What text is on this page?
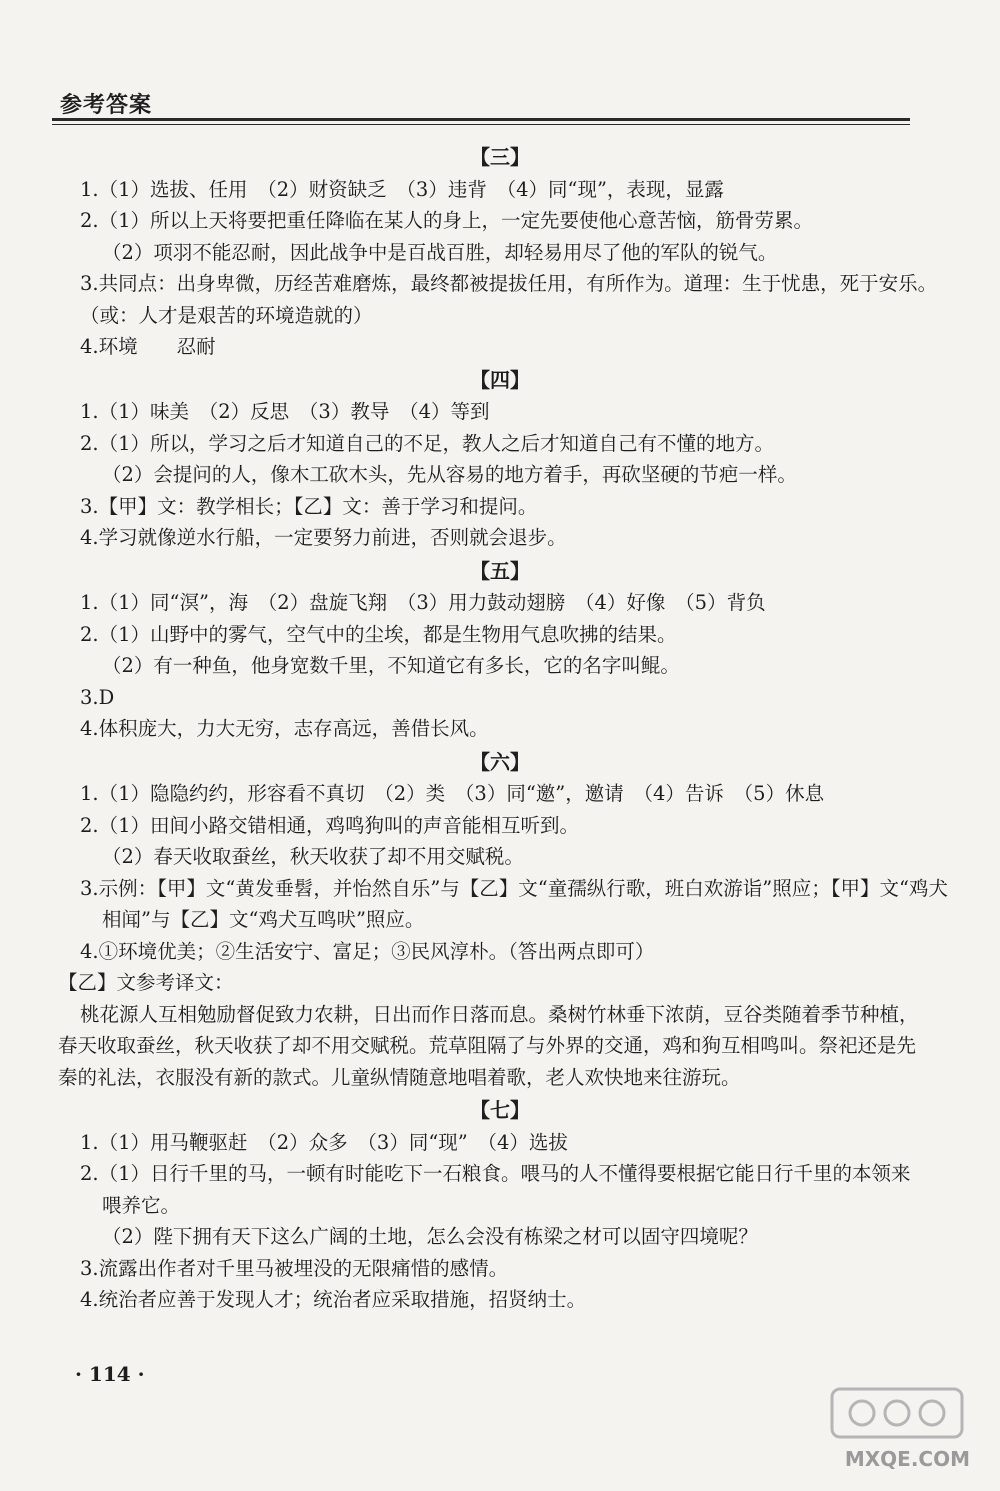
参考答案
【三】
1.（1）选拔、任用　（2）财资缺乏　（3）违背　（4）同“现”，表现，显露
2.（1）所以上天将要把重任降临在某人的身上，一定先要使他心意苦恼，筋骨劳累。
（2）项羽不能忍耐，因此战争中是百战百胜，却轻易用尽了他的军队的锐气。
3.共同点：出身卑微，历经苦难磨炼，最终都被提拔任用，有所作为。道理：生于忧患，死于安乐。
（或：人才是艰苦的环境造就的）
4.环境　　忍耐
【四】
1.（1）味美　（2）反思　（3）教导　（4）等到
2.（1）所以，学习之后才知道自己的不足，教人之后才知道自己有不懂的地方。
（2）会提问的人，像木工砍木头，先从容易的地方着手，再砍坚硬的节疤一样。
3.【甲】文：教学相长；【乙】文：善于学习和提问。
4.学习就像逆水行船，一定要努力前进，否则就会退步。
【五】
1.（1）同“溟”，海　（2）盘旋飞翔　（3）用力鼓动翅膀　（4）好像　（5）背负
2.（1）山野中的雾气，空气中的尘埃，都是生物用气息吹拂的结果。
（2）有一种鱼，他身宽数千里，不知道它有多长，它的名字叫鲲。
3.D
4.体积庞大，力大无穷，志存高远，善借长风。
【六】
1.（1）隐隐约约，形容看不真切　（2）类　（3）同“邀”，邀请　（4）告诉　（5）休息
2.（1）田间小路交错相通，鸡鸣狗叫的声音能相互听到。
（2）春天收取蚕丝，秋天收获了却不用交赋税。
3.示例：【甲】文“黄发垂髫，并怡然自乐”与【乙】文“童孺纵行歌，班白欢游诣”照应；【甲】文“鸡犬
相闻”与【乙】文“鸡犬互鸣吠”照应。
4.①环境优美；②生活安宁、富足；③民风淳朴。（答出两点即可）
【乙】文参考译文：
桃花源人互相勉励督促致力农耕，日出而作日落而息。桑树竹林垂下浓荫，豆谷类随着季节种植，春天收取蚕丝，秋天收获了却不用交赋税。荒草阻隔了与外界的交通，鸡和狗互相鸣叫。祭祀还是先秦的礼法，衣服没有新的款式。儿童纵情随意地唱着歌，老人欢快地来往游玩。
【七】
1.（1）用马鞭驱赶　（2）众多　（3）同“现”　（4）选拔
2.（1）日行千里的马，一顿有时能吃下一石粮食。喂马的人不懂得要根据它能日行千里的本领来
喂养它。
（2）陛下拥有天下这么广阔的土地，怎么会没有栋梁之材可以固守四境呢？
3.流露出作者对千里马被埋没的无限痛惜的感情。
4.统治者应善于发现人才；统治者应采取措施，招贤纳士。
· 114 ·
MXQE.COM
